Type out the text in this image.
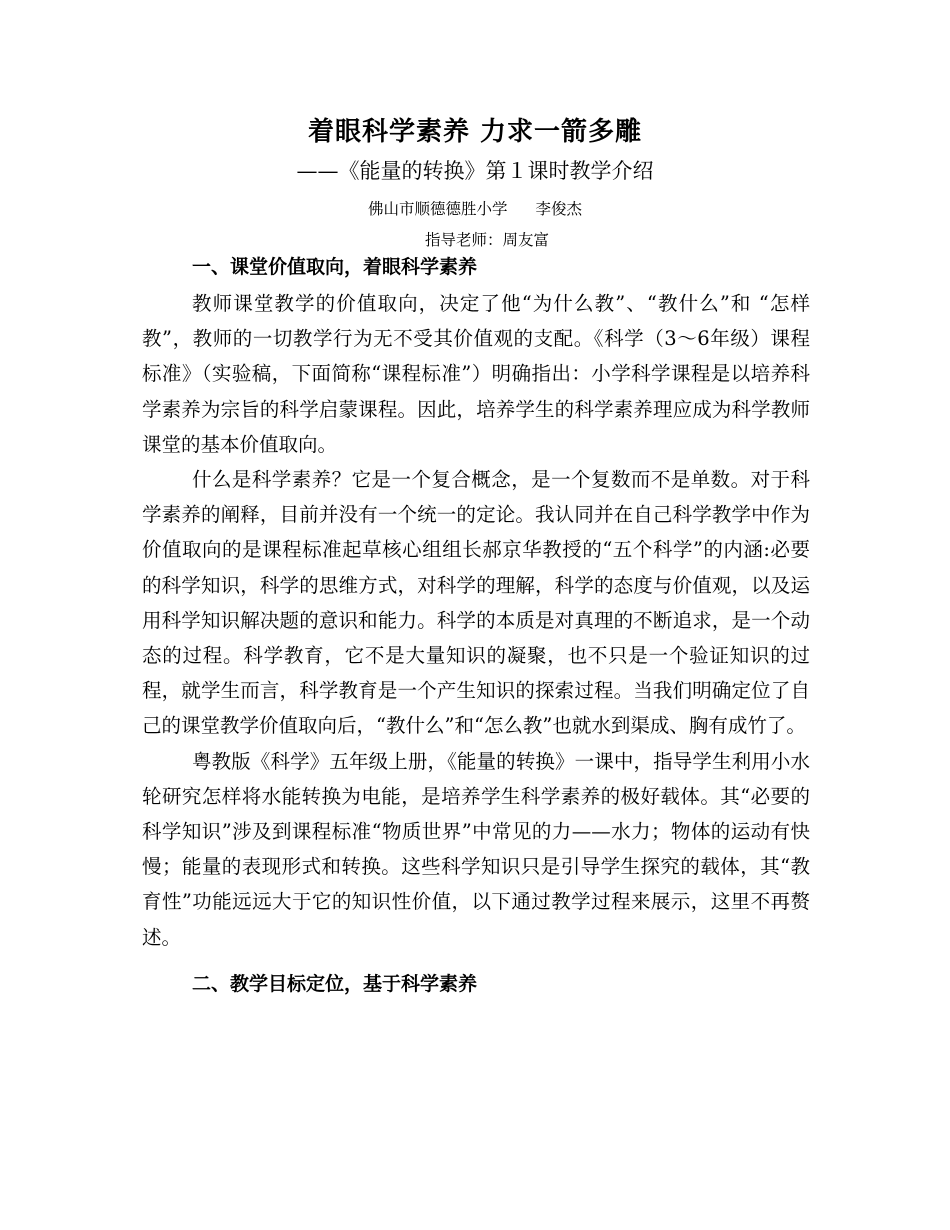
着眼科学素养 力求一箭多雕
——《能量的转换》第１课时教学介绍
佛山市顺德德胜小学 李俊杰
指导老师：周友富
一、课堂价值取向，着眼科学素养

教师课堂教学的价值取向，决定了他“为什么教”、“教什么”和 “怎样教”，教师的一切教学行为无不受其价值观的支配。《科学（3～6年级）课程标准》（实验稿，下面简称“课程标准”）明确指出：小学科学课程是以培养科学素养为宗旨的科学启蒙课程。因此，培养学生的科学素养理应成为科学教师课堂的基本价值取向。

什么是科学素养？它是一个复合概念，是一个复数而不是单数。对于科学素养的阐释，目前并没有一个统一的定论。我认同并在自己科学教学中作为价值取向的是课程标准起草核心组组长郝京华教授的“五个科学”的内涵:必要的科学知识，科学的思维方式，对科学的理解，科学的态度与价值观，以及运用科学知识解决题的意识和能力。科学的本质是对真理的不断追求，是一个动态的过程。科学教育，它不是大量知识的凝聚，也不只是一个验证知识的过程，就学生而言，科学教育是一个产生知识的探索过程。当我们明确定位了自己的课堂教学价值取向后，“教什么”和“怎么教”也就水到渠成、胸有成竹了。

粤教版《科学》五年级上册，《能量的转换》一课中，指导学生利用小水轮研究怎样将水能转换为电能，是培养学生科学素养的极好载体。其“必要的科学知识”涉及到课程标准“物质世界”中常见的力——水力；物体的运动有快慢；能量的表现形式和转换。这些科学知识只是引导学生探究的载体，其“教育性”功能远远大于它的知识性价值，以下通过教学过程来展示，这里不再赘述。

二、教学目标定位，基于科学素养
